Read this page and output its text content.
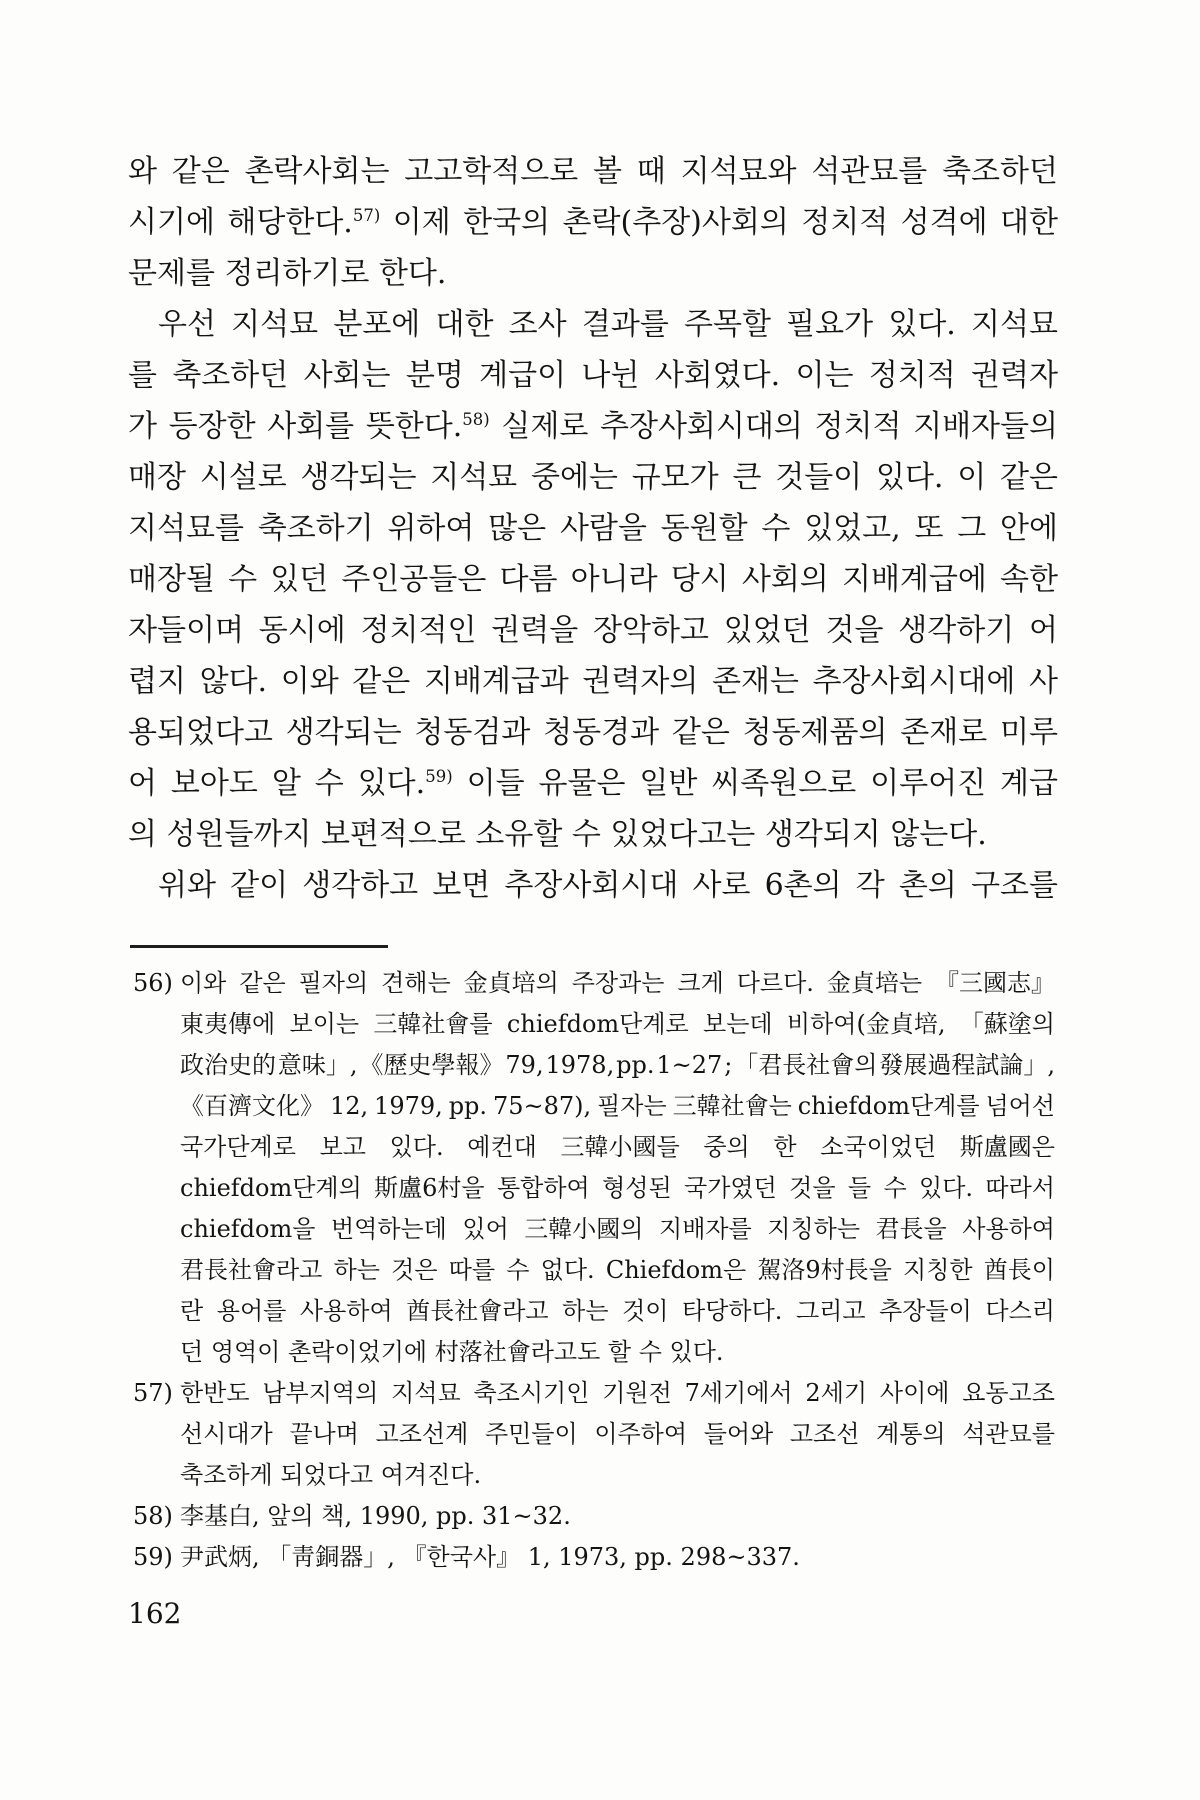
와 같은 촌락사회는 고고학적으로 볼 때 지석묘와 석관묘를 축조하던
시기에 해당한다.$^{57)}$ 이제 한국의 촌락(추장)사회의 정치적 성격에 대한
문제를 정리하기로 한다.
우선 지석묘 분포에 대한 조사 결과를 주목할 필요가 있다. 지석묘
를 축조하던 사회는 분명 계급이 나뉜 사회였다. 이는 정치적 권력자
가 등장한 사회를 뜻한다.$^{58)}$ 실제로 추장사회시대의 정치적 지배자들의
매장 시설로 생각되는 지석묘 중에는 규모가 큰 것들이 있다. 이 같은
지석묘를 축조하기 위하여 많은 사람을 동원할 수 있었고, 또 그 안에
매장될 수 있던 주인공들은 다름 아니라 당시 사회의 지배계급에 속한
자들이며 동시에 정치적인 권력을 장악하고 있었던 것을 생각하기 어
렵지 않다. 이와 같은 지배계급과 권력자의 존재는 추장사회시대에 사
용되었다고 생각되는 청동검과 청동경과 같은 청동제품의 존재로 미루
어 보아도 알 수 있다.$^{59)}$ 이들 유물은 일반 씨족원으로 이루어진 계급
의 성원들까지 보편적으로 소유할 수 있었다고는 생각되지 않는다.
위와 같이 생각하고 보면 추장사회시대 사로 6촌의 각 촌의 구조를
56) 이와 같은 필자의 견해는 金貞培의 주장과는 크게 다르다. 金貞培는 『三國志』
東夷傳에 보이는 三韓社會를 chiefdom단계로 보는데 비하여(金貞培, 「蘇塗의
政治史的 意味」, 《歷史學報》 79, 1978, pp. 1~27 ; 「君長社會의 發展過程試論」,
《百濟文化》 12, 1979, pp. 75~87), 필자는 三韓社會는 chiefdom단계를 넘어선
국가단계로 보고 있다. 예컨대 三韓小國들 중의 한 소국이었던 斯盧國은
chiefdom단계의 斯盧6村을 통합하여 형성된 국가였던 것을 들 수 있다. 따라서
chiefdom을 번역하는데 있어 三韓小國의 지배자를 지칭하는 君長을 사용하여
君長社會라고 하는 것은 따를 수 없다. Chiefdom은 駕洛9村長을 지칭한 酋長이
란 용어를 사용하여 酋長社會라고 하는 것이 타당하다. 그리고 추장들이 다스리
던 영역이 촌락이었기에 村落社會라고도 할 수 있다.
57) 한반도 남부지역의 지석묘 축조시기인 기원전 7세기에서 2세기 사이에 요동고조
선시대가 끝나며 고조선계 주민들이 이주하여 들어와 고조선 계통의 석관묘를
축조하게 되었다고 여겨진다.
58) 李基白, 앞의 책, 1990, pp. 31~32.
59) 尹武炳, 「靑銅器」, 『한국사』 1, 1973, pp. 298~337.
162
